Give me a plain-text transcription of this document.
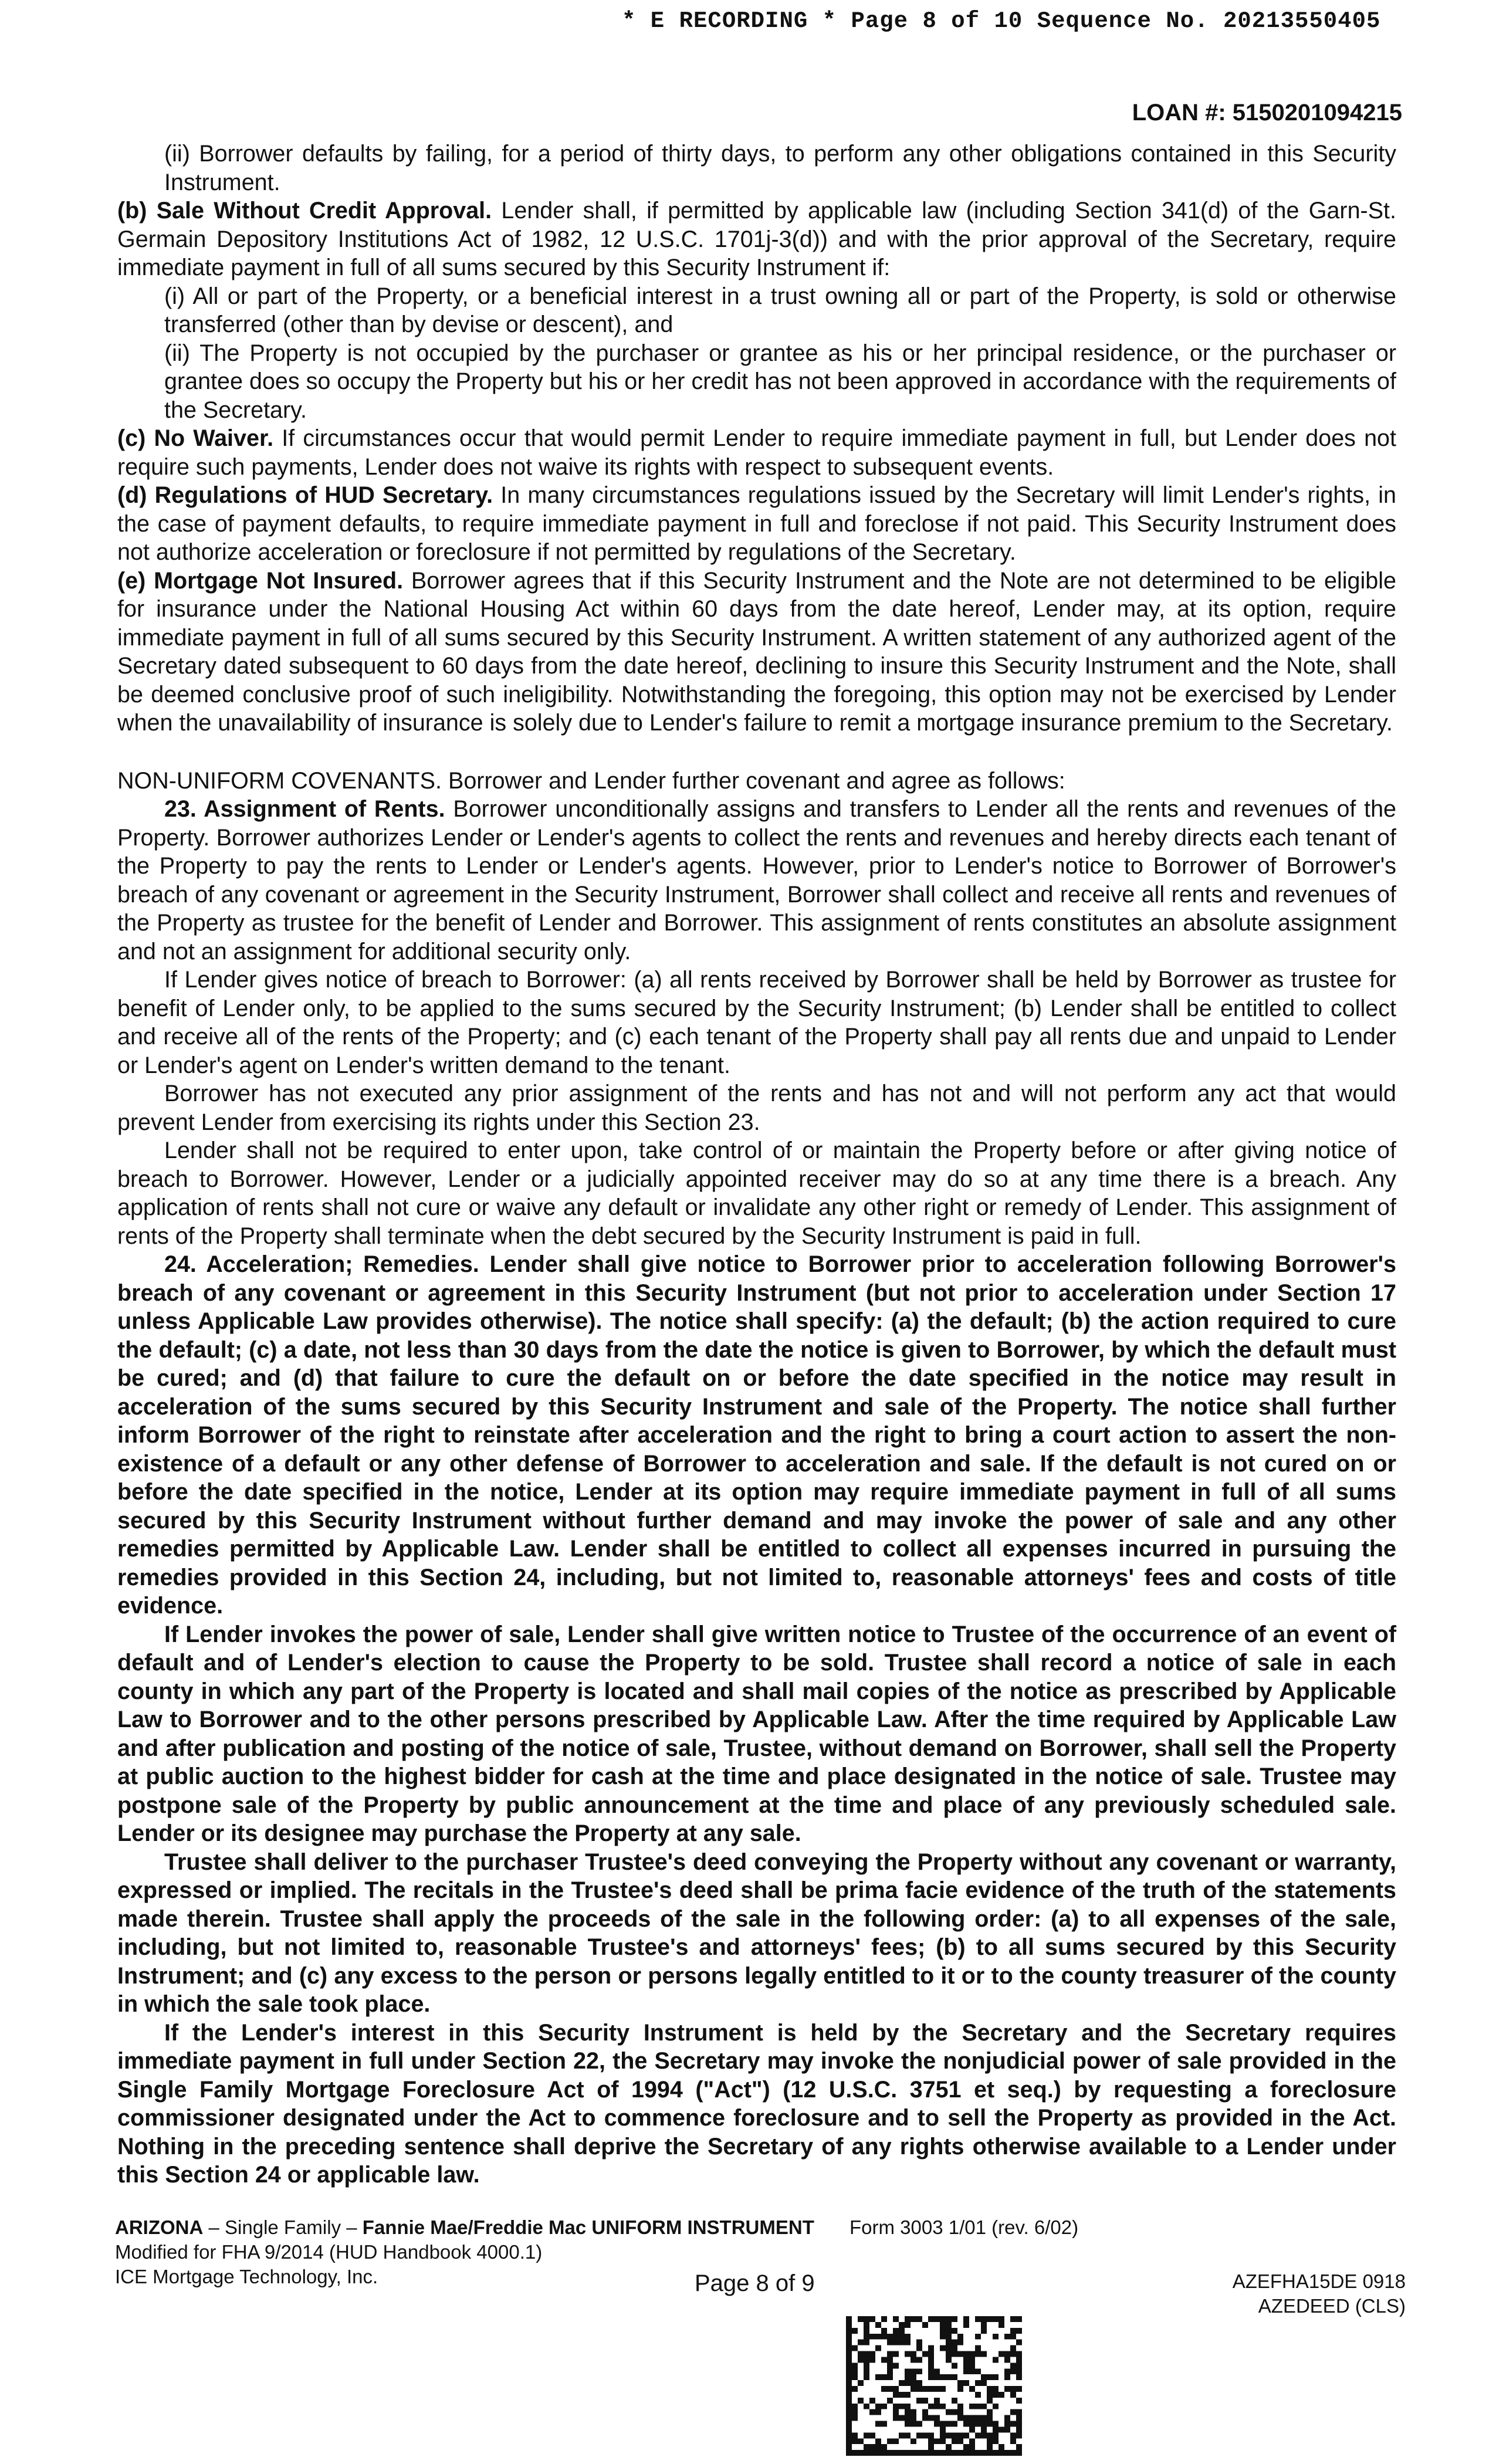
* E RECORDING * Page 8 of 10 Sequence No. 20213550405
LOAN #: 5150201094215

(ii) Borrower defaults by failing, for a period of thirty days, to perform any other obligations contained in this Security Instrument.

(b) Sale Without Credit Approval. Lender shall, if permitted by applicable law (including Section 341(d) of the Garn-St. Germain Depository Institutions Act of 1982, 12 U.S.C. 1701j-3(d)) and with the prior approval of the Secretary, require immediate payment in full of all sums secured by this Security Instrument if:

(i) All or part of the Property, or a beneficial interest in a trust owning all or part of the Property, is sold or otherwise transferred (other than by devise or descent), and

(ii) The Property is not occupied by the purchaser or grantee as his or her principal residence, or the purchaser or grantee does so occupy the Property but his or her credit has not been approved in accordance with the requirements of the Secretary.

(c) No Waiver. If circumstances occur that would permit Lender to require immediate payment in full, but Lender does not require such payments, Lender does not waive its rights with respect to subsequent events.

(d) Regulations of HUD Secretary. In many circumstances regulations issued by the Secretary will limit Lender's rights, in the case of payment defaults, to require immediate payment in full and foreclose if not paid. This Security Instrument does not authorize acceleration or foreclosure if not permitted by regulations of the Secretary.

(e) Mortgage Not Insured. Borrower agrees that if this Security Instrument and the Note are not determined to be eligible for insurance under the National Housing Act within 60 days from the date hereof, Lender may, at its option, require immediate payment in full of all sums secured by this Security Instrument. A written statement of any authorized agent of the Secretary dated subsequent to 60 days from the date hereof, declining to insure this Security Instrument and the Note, shall be deemed conclusive proof of such ineligibility. Notwithstanding the foregoing, this option may not be exercised by Lender when the unavailability of insurance is solely due to Lender's failure to remit a mortgage insurance premium to the Secretary.

NON-UNIFORM COVENANTS. Borrower and Lender further covenant and agree as follows:

23. Assignment of Rents. Borrower unconditionally assigns and transfers to Lender all the rents and revenues of the Property. Borrower authorizes Lender or Lender's agents to collect the rents and revenues and hereby directs each tenant of the Property to pay the rents to Lender or Lender's agents. However, prior to Lender's notice to Borrower of Borrower's breach of any covenant or agreement in the Security Instrument, Borrower shall collect and receive all rents and revenues of the Property as trustee for the benefit of Lender and Borrower. This assignment of rents constitutes an absolute assignment and not an assignment for additional security only.

If Lender gives notice of breach to Borrower: (a) all rents received by Borrower shall be held by Borrower as trustee for benefit of Lender only, to be applied to the sums secured by the Security Instrument; (b) Lender shall be entitled to collect and receive all of the rents of the Property; and (c) each tenant of the Property shall pay all rents due and unpaid to Lender or Lender's agent on Lender's written demand to the tenant.

Borrower has not executed any prior assignment of the rents and has not and will not perform any act that would prevent Lender from exercising its rights under this Section 23.

Lender shall not be required to enter upon, take control of or maintain the Property before or after giving notice of breach to Borrower. However, Lender or a judicially appointed receiver may do so at any time there is a breach. Any application of rents shall not cure or waive any default or invalidate any other right or remedy of Lender. This assignment of rents of the Property shall terminate when the debt secured by the Security Instrument is paid in full.

24. Acceleration; Remedies. Lender shall give notice to Borrower prior to acceleration following Borrower's breach of any covenant or agreement in this Security Instrument (but not prior to acceleration under Section 17 unless Applicable Law provides otherwise). The notice shall specify: (a) the default; (b) the action required to cure the default; (c) a date, not less than 30 days from the date the notice is given to Borrower, by which the default must be cured; and (d) that failure to cure the default on or before the date specified in the notice may result in acceleration of the sums secured by this Security Instrument and sale of the Property. The notice shall further inform Borrower of the right to reinstate after acceleration and the right to bring a court action to assert the non-existence of a default or any other defense of Borrower to acceleration and sale. If the default is not cured on or before the date specified in the notice, Lender at its option may require immediate payment in full of all sums secured by this Security Instrument without further demand and may invoke the power of sale and any other remedies permitted by Applicable Law. Lender shall be entitled to collect all expenses incurred in pursuing the remedies provided in this Section 24, including, but not limited to, reasonable attorneys' fees and costs of title evidence.

If Lender invokes the power of sale, Lender shall give written notice to Trustee of the occurrence of an event of default and of Lender's election to cause the Property to be sold. Trustee shall record a notice of sale in each county in which any part of the Property is located and shall mail copies of the notice as prescribed by Applicable Law to Borrower and to the other persons prescribed by Applicable Law. After the time required by Applicable Law and after publication and posting of the notice of sale, Trustee, without demand on Borrower, shall sell the Property at public auction to the highest bidder for cash at the time and place designated in the notice of sale. Trustee may postpone sale of the Property by public announcement at the time and place of any previously scheduled sale. Lender or its designee may purchase the Property at any sale.

Trustee shall deliver to the purchaser Trustee's deed conveying the Property without any covenant or warranty, expressed or implied. The recitals in the Trustee's deed shall be prima facie evidence of the truth of the statements made therein. Trustee shall apply the proceeds of the sale in the following order: (a) to all expenses of the sale, including, but not limited to, reasonable Trustee's and attorneys' fees; (b) to all sums secured by this Security Instrument; and (c) any excess to the person or persons legally entitled to it or to the county treasurer of the county in which the sale took place.

If the Lender's interest in this Security Instrument is held by the Secretary and the Secretary requires immediate payment in full under Section 22, the Secretary may invoke the nonjudicial power of sale provided in the Single Family Mortgage Foreclosure Act of 1994 ("Act") (12 U.S.C. 3751 et seq.) by requesting a foreclosure commissioner designated under the Act to commence foreclosure and to sell the Property as provided in the Act. Nothing in the preceding sentence shall deprive the Secretary of any rights otherwise available to a Lender under this Section 24 or applicable law.

ARIZONA – Single Family – Fannie Mae/Freddie Mac UNIFORM INSTRUMENT Form 3003 1/01 (rev. 6/02)
Modified for FHA 9/2014 (HUD Handbook 4000.1)
ICE Mortgage Technology, Inc.	Page 8 of 9	AZEFHA15DE 0918
AZEDEED (CLS)
